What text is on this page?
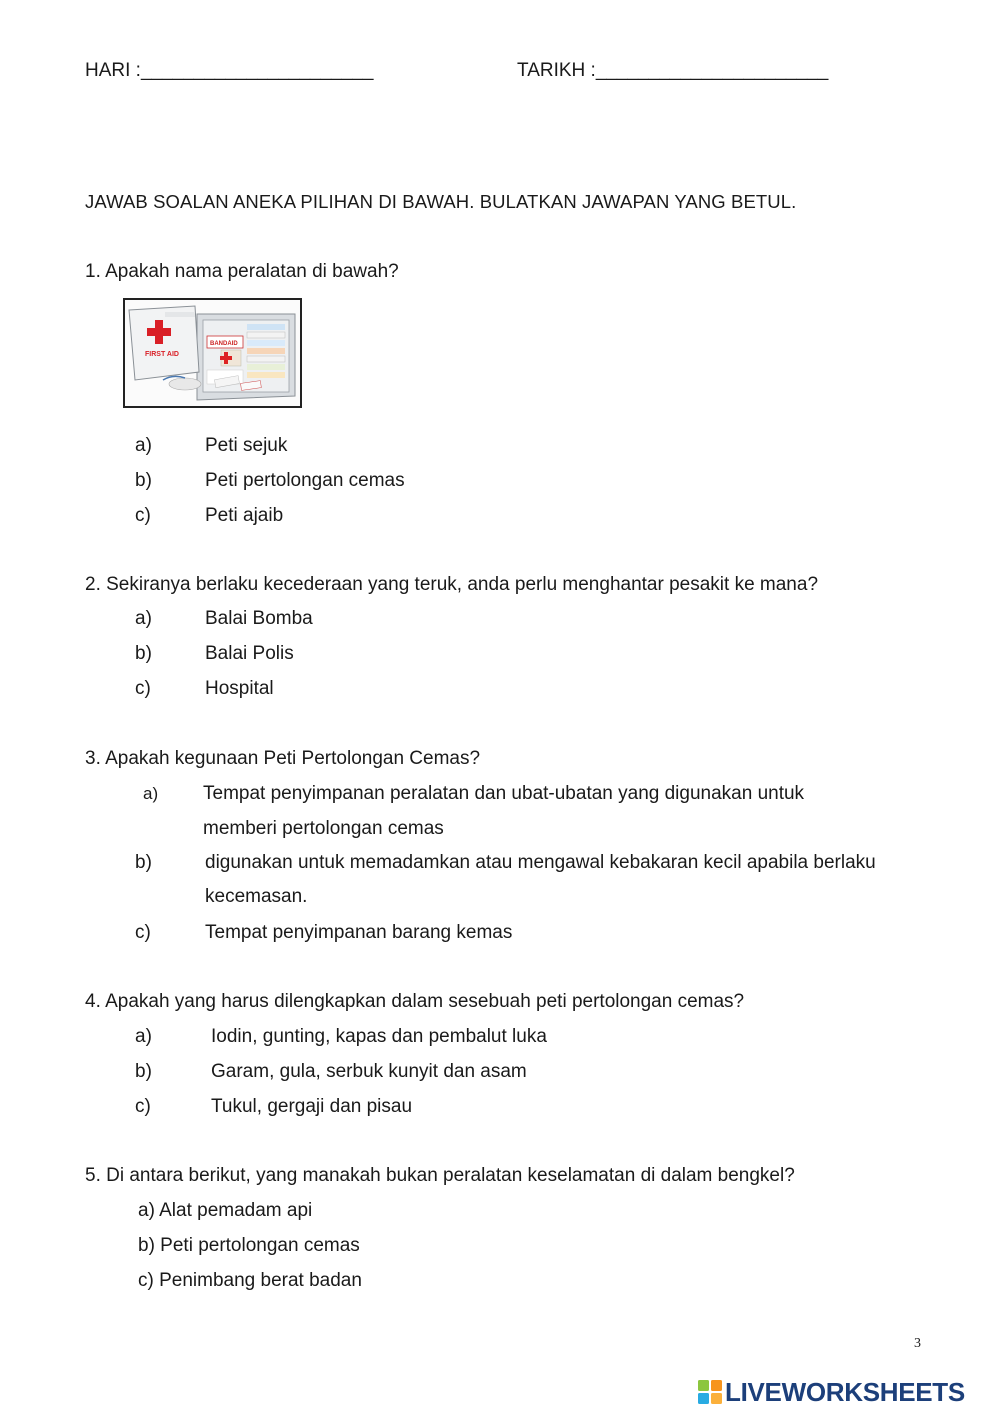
HARI :______________________	TARIKH :______________________
JAWAB SOALAN ANEKA PILIHAN DI BAWAH. BULATKAN JAWAPAN YANG BETUL.
1. Apakah nama peralatan di bawah?
BANDAID
FIRST AID
a)	Peti sejuk
b)	Peti pertolongan cemas
c)	Peti ajaib
2. Sekiranya berlaku kecederaan yang teruk, anda perlu menghantar pesakit ke mana?
a)	Balai Bomba
b)	Balai Polis
c)	Hospital
3. Apakah kegunaan Peti Pertolongan Cemas?
a) Tempat penyimpanan peralatan dan ubat-ubatan yang digunakan untuk
memberi pertolongan cemas
b)	digunakan untuk memadamkan atau mengawal kebakaran kecil apabila berlaku
kecemasan.
c)	Tempat penyimpanan barang kemas
4. Apakah yang harus dilengkapkan dalam sesebuah peti pertolongan cemas?
a)	Iodin, gunting, kapas dan pembalut luka
b)	Garam, gula, serbuk kunyit dan asam
c)	Tukul, gergaji dan pisau
5. Di antara berikut, yang manakah bukan peralatan keselamatan di dalam bengkel?
a) Alat pemadam api
b) Peti pertolongan cemas
c) Penimbang berat badan
3
LIVEWORKSHEETS
